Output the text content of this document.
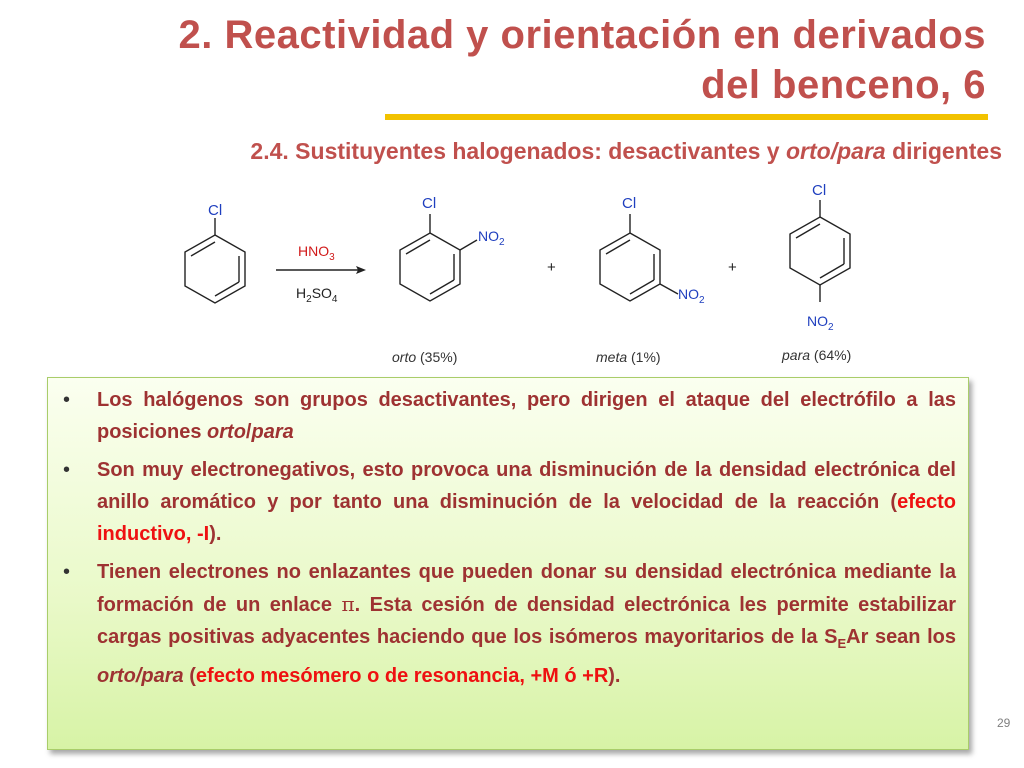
2. Reactividad y orientación en derivados
del benceno, 6
2.4. Sustituyentes halogenados: desactivantes y orto/para dirigentes
Cl	Cl	Cl
Cl
$NO_2$
$NO_2$
$NO_2$
$HNO_3$
$H_2SO_4$
+	+
orto (35%)	meta (1%)	para (64%)
• Los halógenos son grupos desactivantes, pero dirigen el ataque del electrófilo a las posiciones orto/para
• Son muy electronegativos, esto provoca una disminución de la densidad electrónica del anillo aromático y por tanto una disminución de la velocidad de la reacción (efecto inductivo, -I).
• Tienen electrones no enlazantes que pueden donar su densidad electrónica mediante la formación de un enlace π. Esta cesión de densidad electrónica les permite estabilizar cargas positivas adyacentes haciendo que los isómeros mayoritarios de la $S_EAr$ sean los orto/para (efecto mesómero o de resonancia, +M ó +R).
29
